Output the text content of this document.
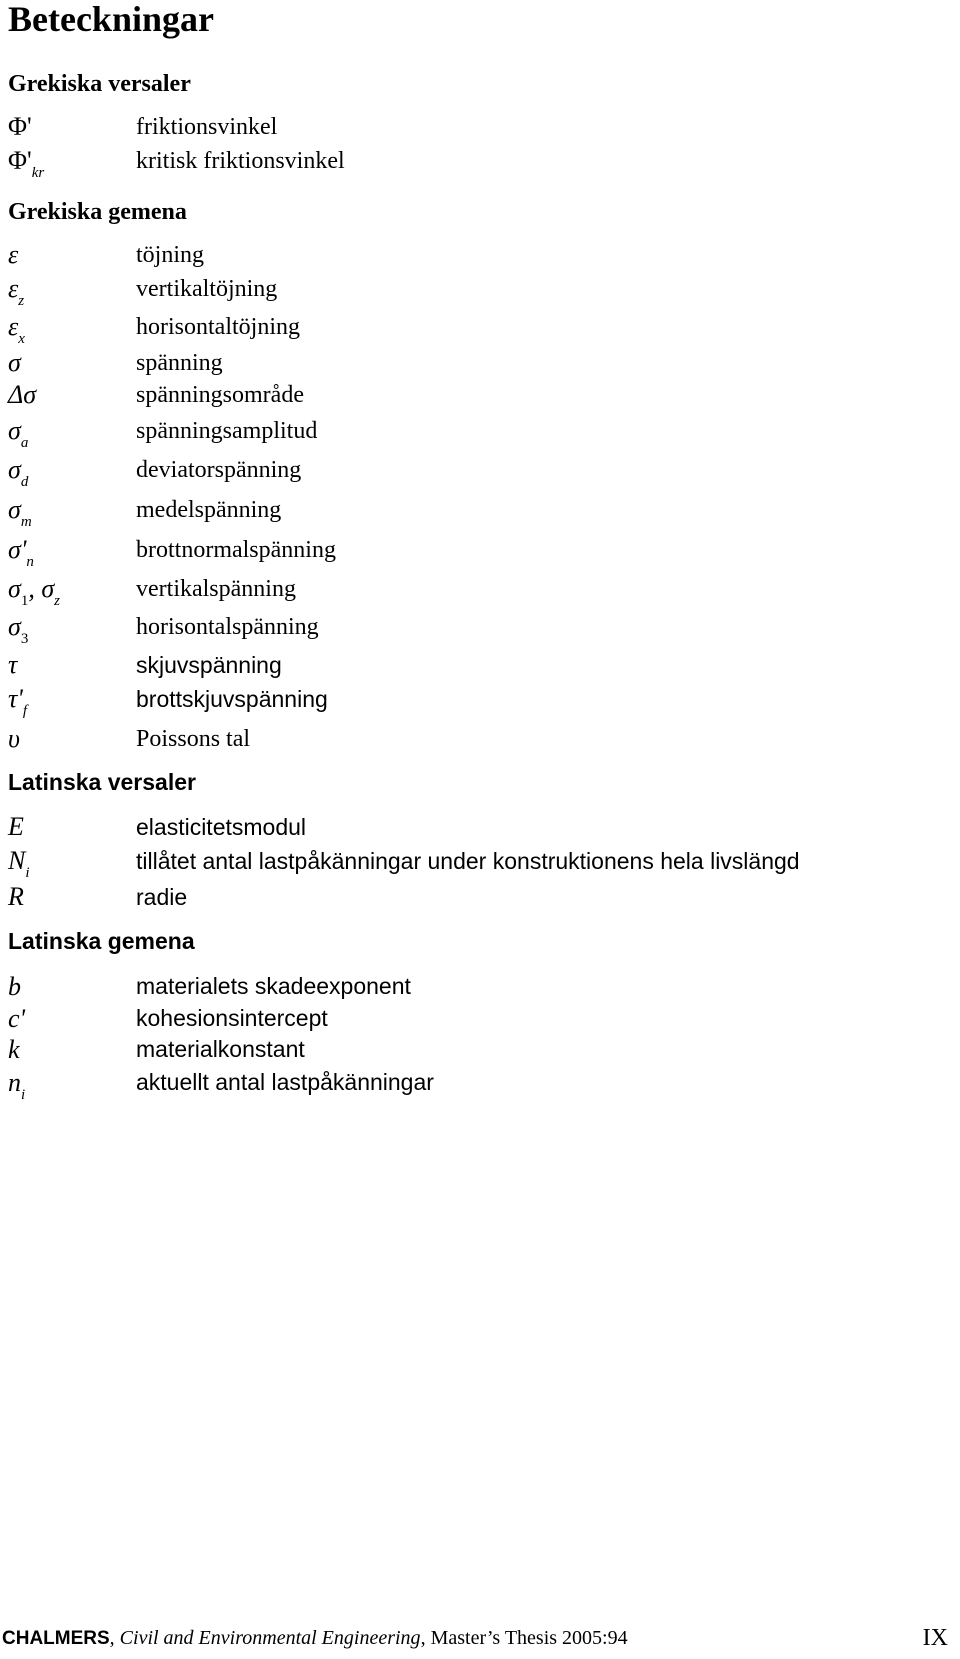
Beteckningar
Grekiska versaler
Φ'	friktionsvinkel
$\Phi'_{kr}$	kritisk friktionsvinkel
Grekiska gemena
ε	töjning
$\varepsilon_z$	vertikaltöjning
$\varepsilon_x$	horisontaltöjning
σ	spänning
Δσ	spänningsområde
$\sigma_a$	spänningsamplitud
$\sigma_d$	deviatorspänning
$\sigma_m$	medelspänning
$\sigma'_n$	brottnormalspänning
$\sigma_1$, $\sigma_z$	vertikalspänning
$\sigma_3$	horisontalspänning
τ	skjuvspänning
$\tau'_f$	brottskjuvspänning
υ	Poissons tal
Latinska versaler
E	elasticitetsmodul
$N_i$	tillåtet antal lastpåkänningar under konstruktionens hela livslängd
R	radie
Latinska gemena
b	materialets skadeexponent
c'	kohesionsintercept
k	materialkonstant
$n_i$	aktuellt antal lastpåkänningar
CHALMERS, Civil and Environmental Engineering, Master’s Thesis 2005:94	IX
